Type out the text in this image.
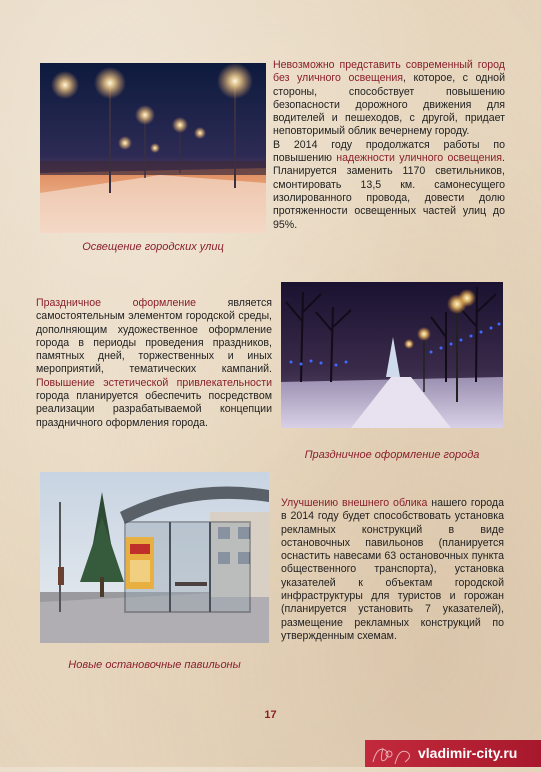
Невозможно представить современный город без уличного освещения, которое, с одной стороны, способствует повышению безопасности дорожного движения для водителей и пешеходов, с другой, придает неповторимый облик вечернему городу.

В 2014 году продолжатся работы по повышению надежности уличного освещения. Планируется заменить 1170 светильников, смонтировать 13,5 км. самонесущего изолированного провода, довести долю протяженности освещенных частей улиц до 95%.

Освещение городских улиц

Праздничное оформление является самостоятельным элементом городской среды, дополняющим художественное оформление города в периоды проведения праздников, памятных дней, торжественных и иных мероприятий, тематических кампаний. Повышение эстетической привлекательности города планируется обеспечить посредством реализации разрабатываемой концепции праздничного оформления города.

Праздничное оформление города

Улучшению внешнего облика нашего города в 2014 году будет способствовать установка рекламных конструкций в виде остановочных павильонов (планируется оснастить навесами 63 остановочных пункта общественного транспорта), установка указателей к объектам городской инфраструктуры для туристов и горожан (планируется установить 7 указателей), размещение рекламных конструкций по утвержденным схемам.

Новые остановочные павильоны
17
vladimir-city.ru
